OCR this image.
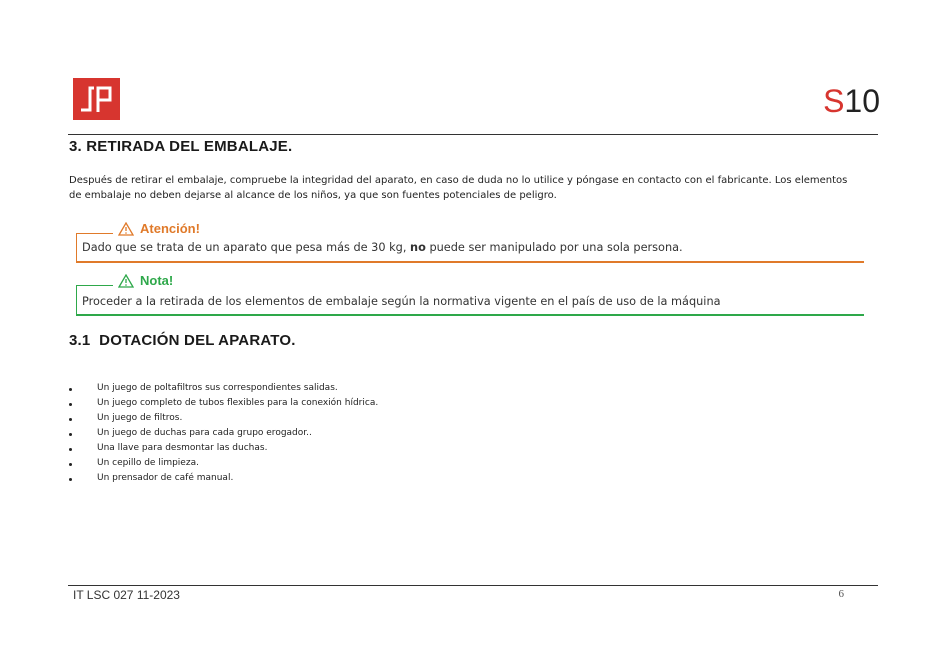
S10
3. RETIRADA DEL EMBALAJE.
Después de retirar el embalaje, compruebe la integridad del aparato, en caso de duda no lo utilice y póngase en contacto con el fabricante. Los elementos de embalaje no deben dejarse al alcance de los niños, ya que son fuentes potenciales de peligro.
Atención!
Dado que se trata de un aparato que pesa más de 30 kg, no puede ser manipulado por una sola persona.
Nota!
Proceder a la retirada de los elementos de embalaje según la normativa vigente en el país de uso de la máquina
3.1  DOTACIÓN DEL APARATO.
Un juego de poltafiltros sus correspondientes salidas.
Un juego completo de tubos flexibles para la conexión hídrica.
Un juego de filtros.
Un juego de duchas para cada grupo erogador..
Una llave para desmontar las duchas.
Un cepillo de limpieza.
Un prensador de café manual.
IT LSC 027 11-2023	6
